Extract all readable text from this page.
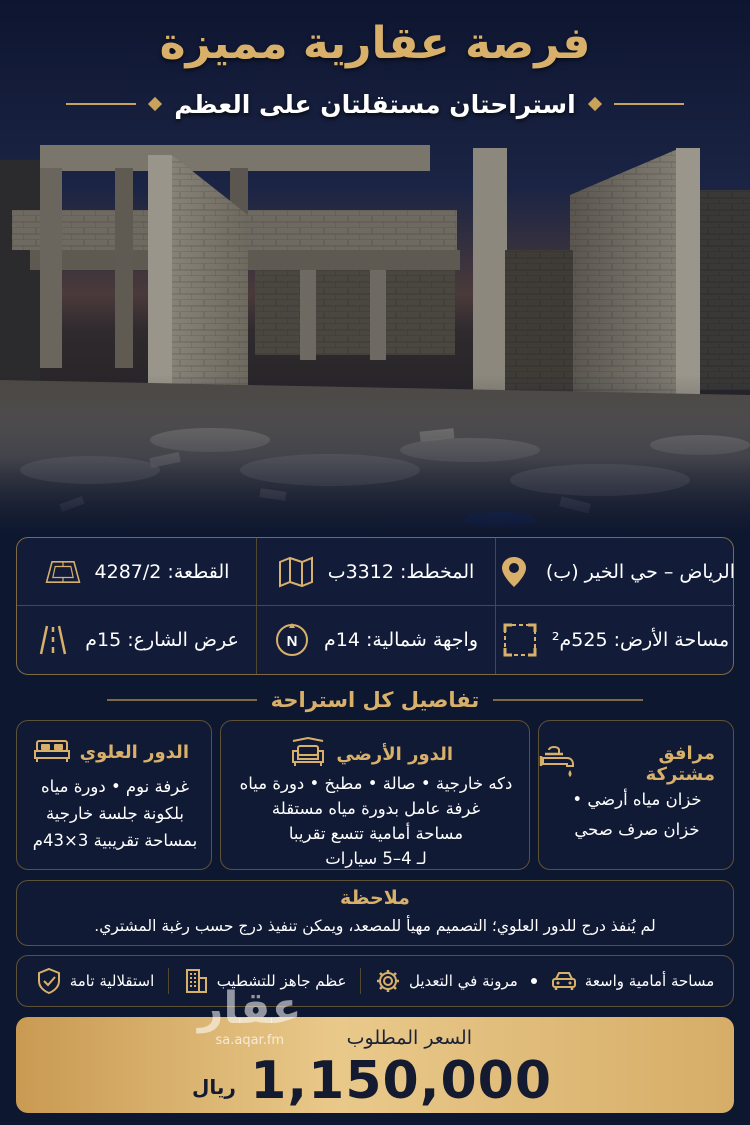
فرصة عقارية مميزة
استراحتان مستقلتان على العظم
الرياض – حي الخير (ب)
المخطط: 3312ب
القطعة: 4287/2
مساحة الأرض: 525م²
N واجهة شمالية: 14م
عرض الشارع: 15م
تفاصيل كل استراحة
الدور العلوي
غرفة نوم • دورة مياه
بلكونة جلسة خارجية
بمساحة تقريبية 3×43م
الدور الأرضي
دكه خارجية • صالة • مطبخ • دورة مياه
غرفة عامل بدورة مياه مستقلة
مساحة أمامية تتسع تقريبا
لـ 4–5 سيارات
مرافق مشتركة
خزان مياه أرضي •
خزان صرف صحي
ملاحظة
لم يُنفذ درج للدور العلوي؛ التصميم مهيأ للمصعد، ويمكن تنفيذ درج حسب رغبة المشتري.
استقلالية تامة	عظم جاهز للتشطيب	مرونة في التعديل	مساحة أمامية واسعة
السعر المطلوب
1,150,000
ريال
عقار
sa.aqar.fm
